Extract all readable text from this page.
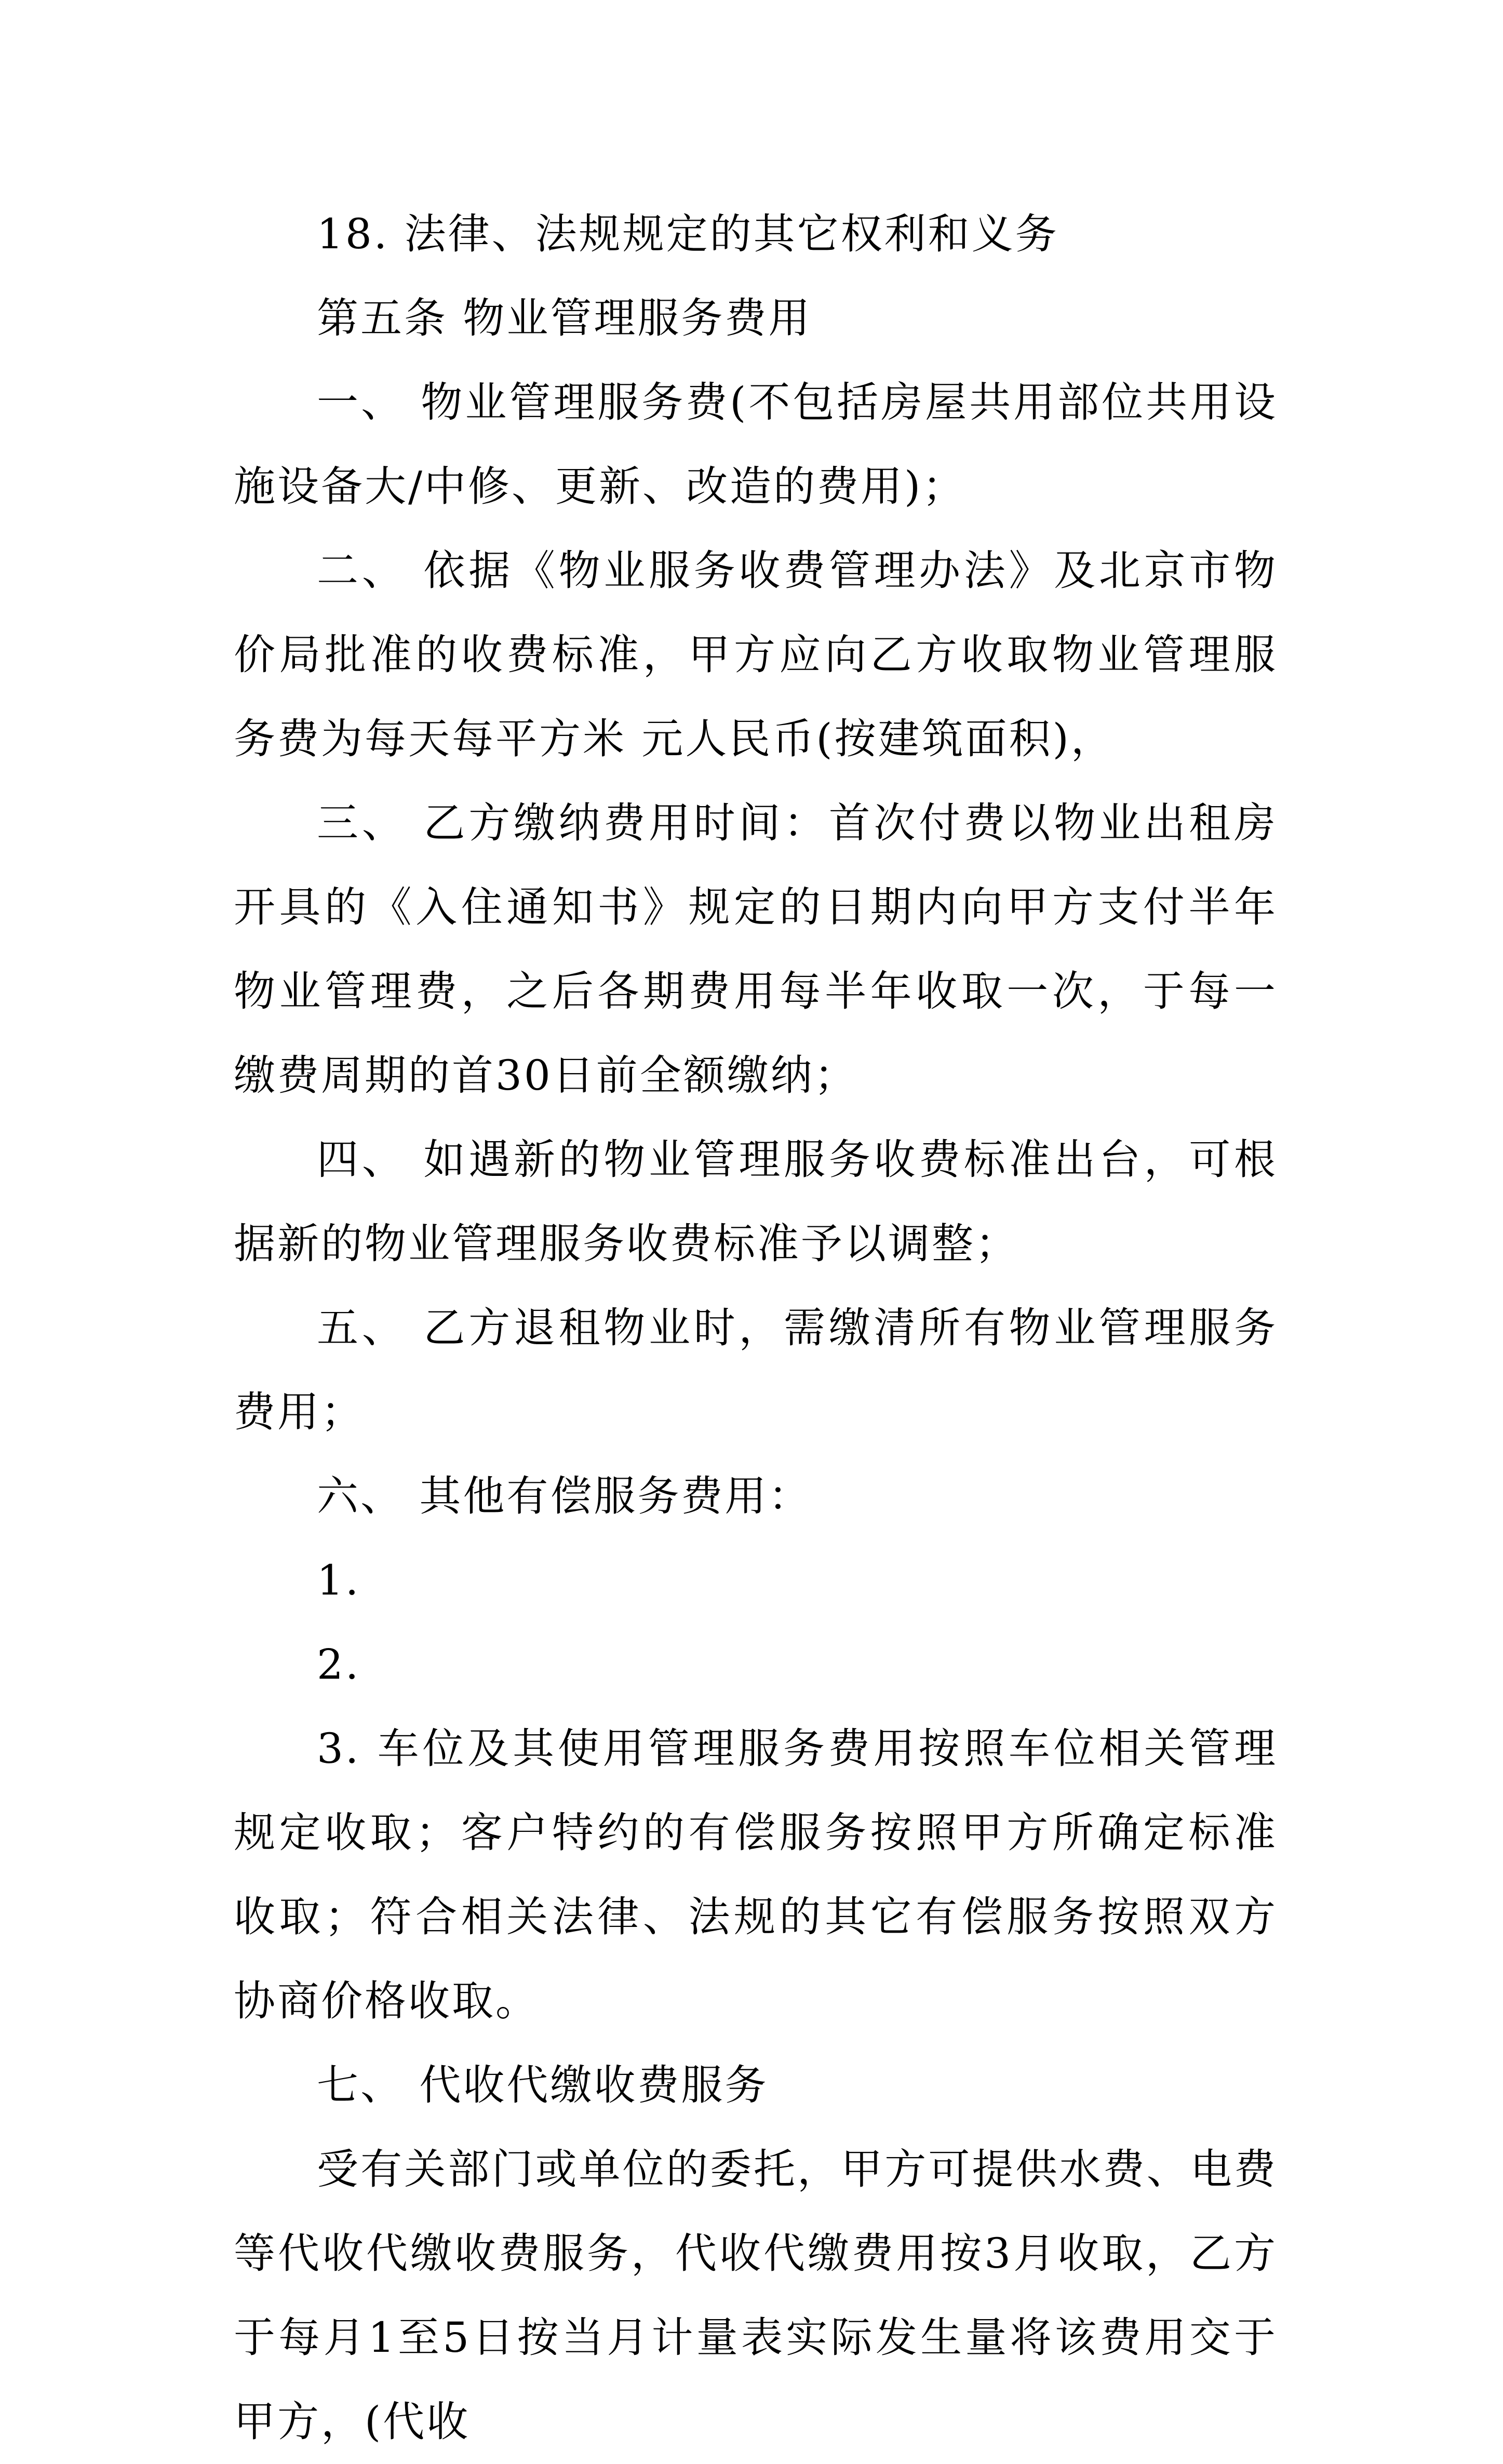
18. 法律、法规规定的其它权利和义务

第五条 物业管理服务费用

一、 物业管理服务费(不包括房屋共用部位共用设施设备大/中修、更新、改造的费用)；

二、 依据《物业服务收费管理办法》及北京市物价局批准的收费标准，甲方应向乙方收取物业管理服务费为每天每平方米 元人民币(按建筑面积)，

三、 乙方缴纳费用时间：首次付费以物业出租房开具的《入住通知书》规定的日期内向甲方支付半年物业管理费，之后各期费用每半年收取一次，于每一缴费周期的首30日前全额缴纳；

四、 如遇新的物业管理服务收费标准出台，可根据新的物业管理服务收费标准予以调整；

五、 乙方退租物业时，需缴清所有物业管理服务费用；

六、 其他有偿服务费用：

1.

2.

3. 车位及其使用管理服务费用按照车位相关管理规定收取；客户特约的有偿服务按照甲方所确定标准收取；符合相关法律、法规的其它有偿服务按照双方协商价格收取。

七、 代收代缴收费服务

受有关部门或单位的委托，甲方可提供水费、电费等代收代缴收费服务，代收代缴费用按3月收取，乙方于每月1至5日按当月计量表实际发生量将该费用交于甲方，(代收
